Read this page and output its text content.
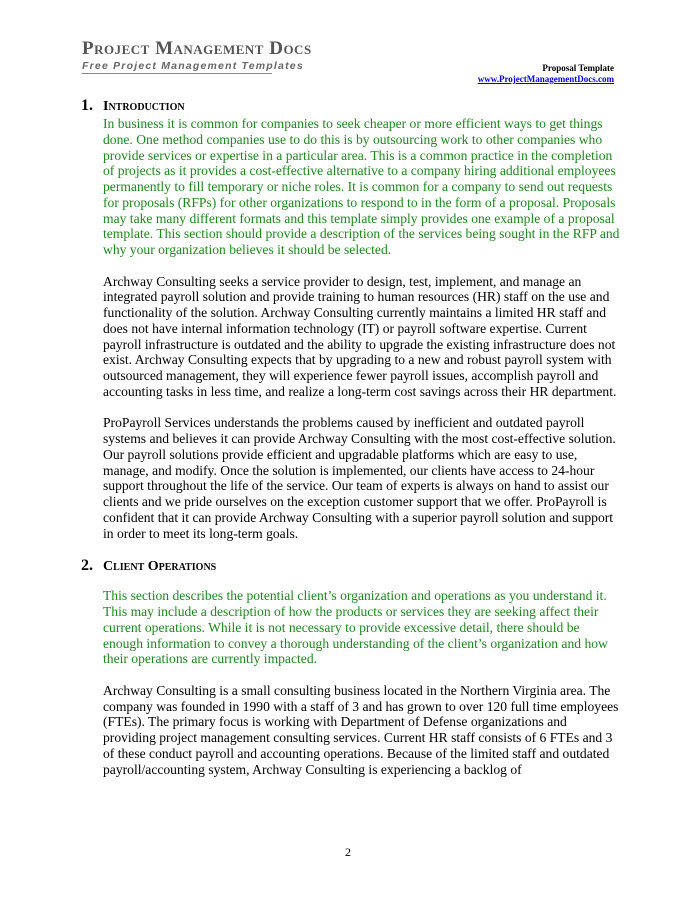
Project Management Docs
Free Project Management Templates	Proposal Template
www.ProjectManagementDocs.com
1. Introduction

In business it is common for companies to seek cheaper or more efficient ways to get things done. One method companies use to do this is by outsourcing work to other companies who provide services or expertise in a particular area. This is a common practice in the completion of projects as it provides a cost-effective alternative to a company hiring additional employees permanently to fill temporary or niche roles. It is common for a company to send out requests for proposals (RFPs) for other organizations to respond to in the form of a proposal. Proposals may take many different formats and this template simply provides one example of a proposal template. This section should provide a description of the services being sought in the RFP and why your organization believes it should be selected.

Archway Consulting seeks a service provider to design, test, implement, and manage an integrated payroll solution and provide training to human resources (HR) staff on the use and functionality of the solution. Archway Consulting currently maintains a limited HR staff and does not have internal information technology (IT) or payroll software expertise. Current payroll infrastructure is outdated and the ability to upgrade the existing infrastructure does not exist. Archway Consulting expects that by upgrading to a new and robust payroll system with outsourced management, they will experience fewer payroll issues, accomplish payroll and accounting tasks in less time, and realize a long-term cost savings across their HR department.

ProPayroll Services understands the problems caused by inefficient and outdated payroll systems and believes it can provide Archway Consulting with the most cost-effective solution. Our payroll solutions provide efficient and upgradable platforms which are easy to use, manage, and modify. Once the solution is implemented, our clients have access to 24-hour support throughout the life of the service. Our team of experts is always on hand to assist our clients and we pride ourselves on the exception customer support that we offer. ProPayroll is confident that it can provide Archway Consulting with a superior payroll solution and support in order to meet its long-term goals.

2. Client Operations

This section describes the potential client’s organization and operations as you understand it. This may include a description of how the products or services they are seeking affect their current operations. While it is not necessary to provide excessive detail, there should be enough information to convey a thorough understanding of the client’s organization and how their operations are currently impacted.

Archway Consulting is a small consulting business located in the Northern Virginia area. The company was founded in 1990 with a staff of 3 and has grown to over 120 full time employees (FTEs). The primary focus is working with Department of Defense organizations and providing project management consulting services. Current HR staff consists of 6 FTEs and 3 of these conduct payroll and accounting operations. Because of the limited staff and outdated payroll/accounting system, Archway Consulting is experiencing a backlog of

2
